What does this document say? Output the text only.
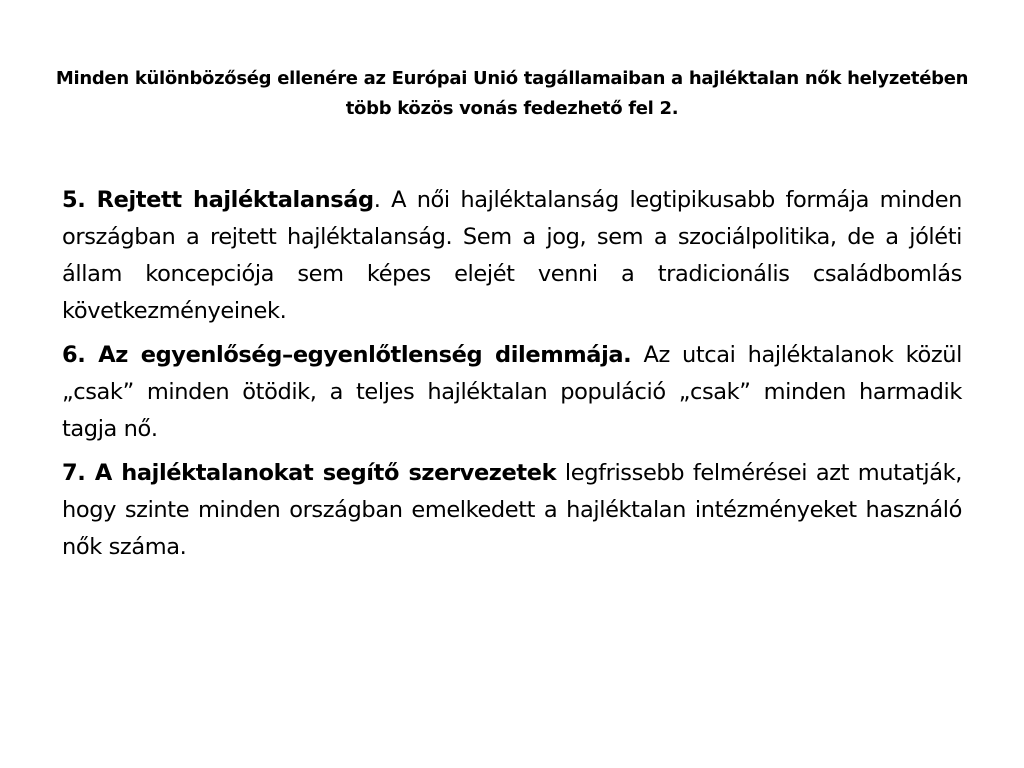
Minden különbözőség ellenére az Európai Unió tagállamaiban a hajléktalan nők helyzetében több közös vonás fedezhető fel 2.

5. Rejtett hajléktalanság. A női hajléktalanság legtipikusabb formája minden országban a rejtett hajléktalanság. Sem a jog, sem a szociálpolitika, de a jóléti állam koncepciója sem képes elejét venni a tradicionális családbomlás következményeinek.

6. Az egyenlőség–egyenlőtlenség dilemmája. Az utcai hajléktalanok közül „csak” minden ötödik, a teljes hajléktalan populáció „csak” minden harmadik tagja nő.

7. A hajléktalanokat segítő szervezetek legfrissebb felmérései azt mutatják, hogy szinte minden országban emelkedett a hajléktalan intézményeket használó nők száma.
